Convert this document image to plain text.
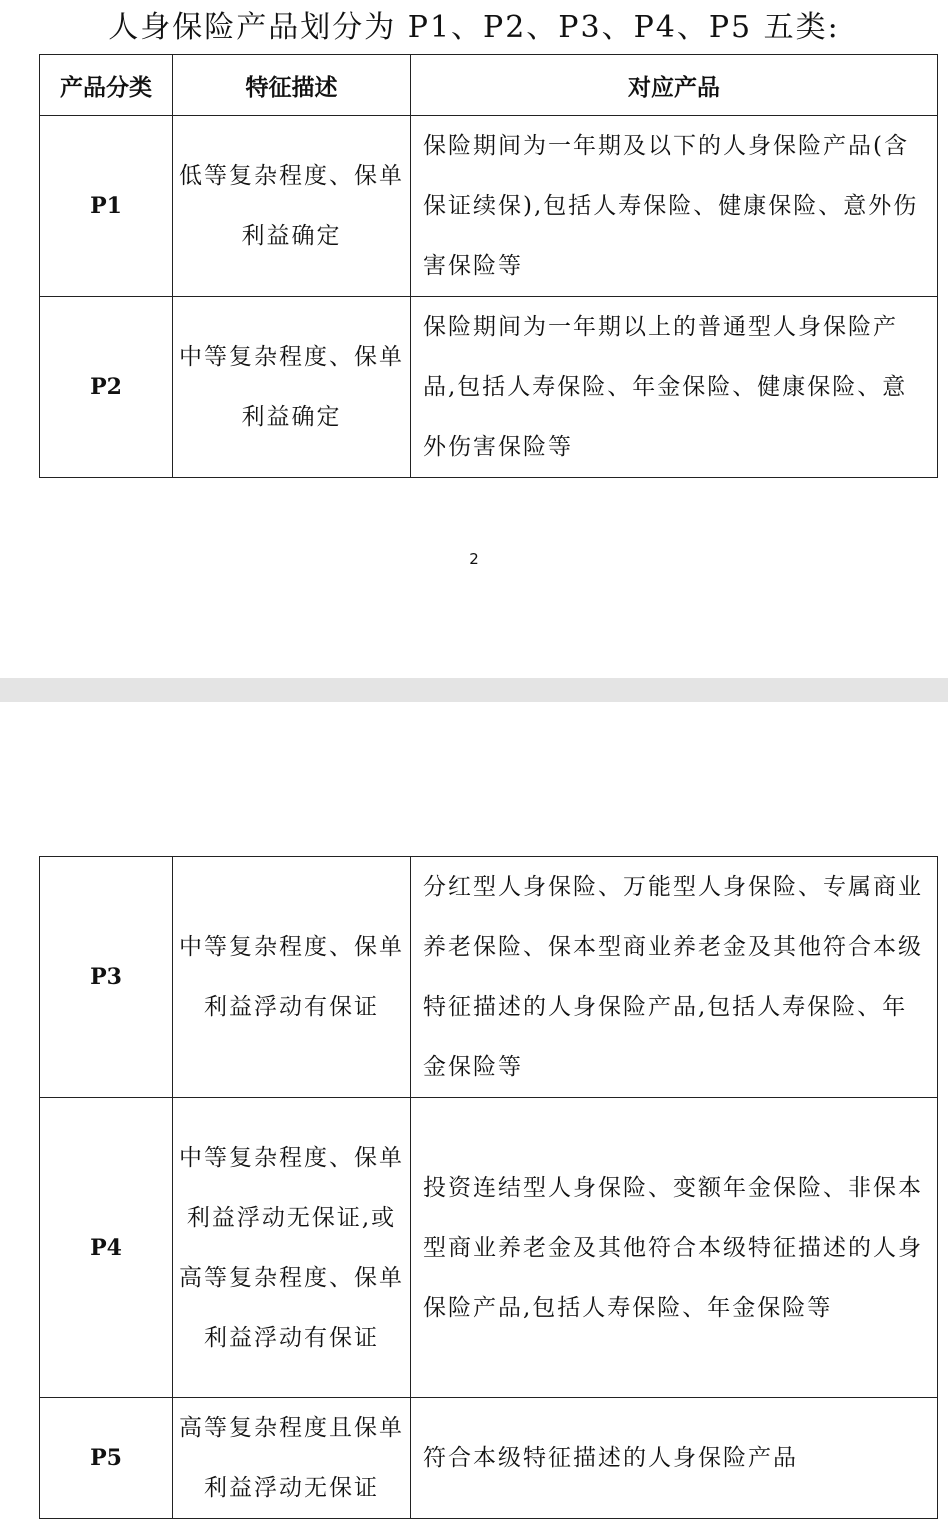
人身保险产品划分为 P1、P2、P3、P4、P5 五类:
产品分类	特征描述	对应产品
P1	低等复杂程度、保单利益确定	保险期间为一年期及以下的人身保险产品(含保证续保),包括人寿保险、健康保险、意外伤害保险等
P2	中等复杂程度、保单利益确定	保险期间为一年期以上的普通型人身保险产品,包括人寿保险、年金保险、健康保险、意外伤害保险等
2
P3	中等复杂程度、保单利益浮动有保证	分红型人身保险、万能型人身保险、专属商业养老保险、保本型商业养老金及其他符合本级特征描述的人身保险产品,包括人寿保险、年金保险等
P4	中等复杂程度、保单利益浮动无保证,或高等复杂程度、保单利益浮动有保证	投资连结型人身保险、变额年金保险、非保本型商业养老金及其他符合本级特征描述的人身保险产品,包括人寿保险、年金保险等
P5	高等复杂程度且保单利益浮动无保证	符合本级特征描述的人身保险产品
